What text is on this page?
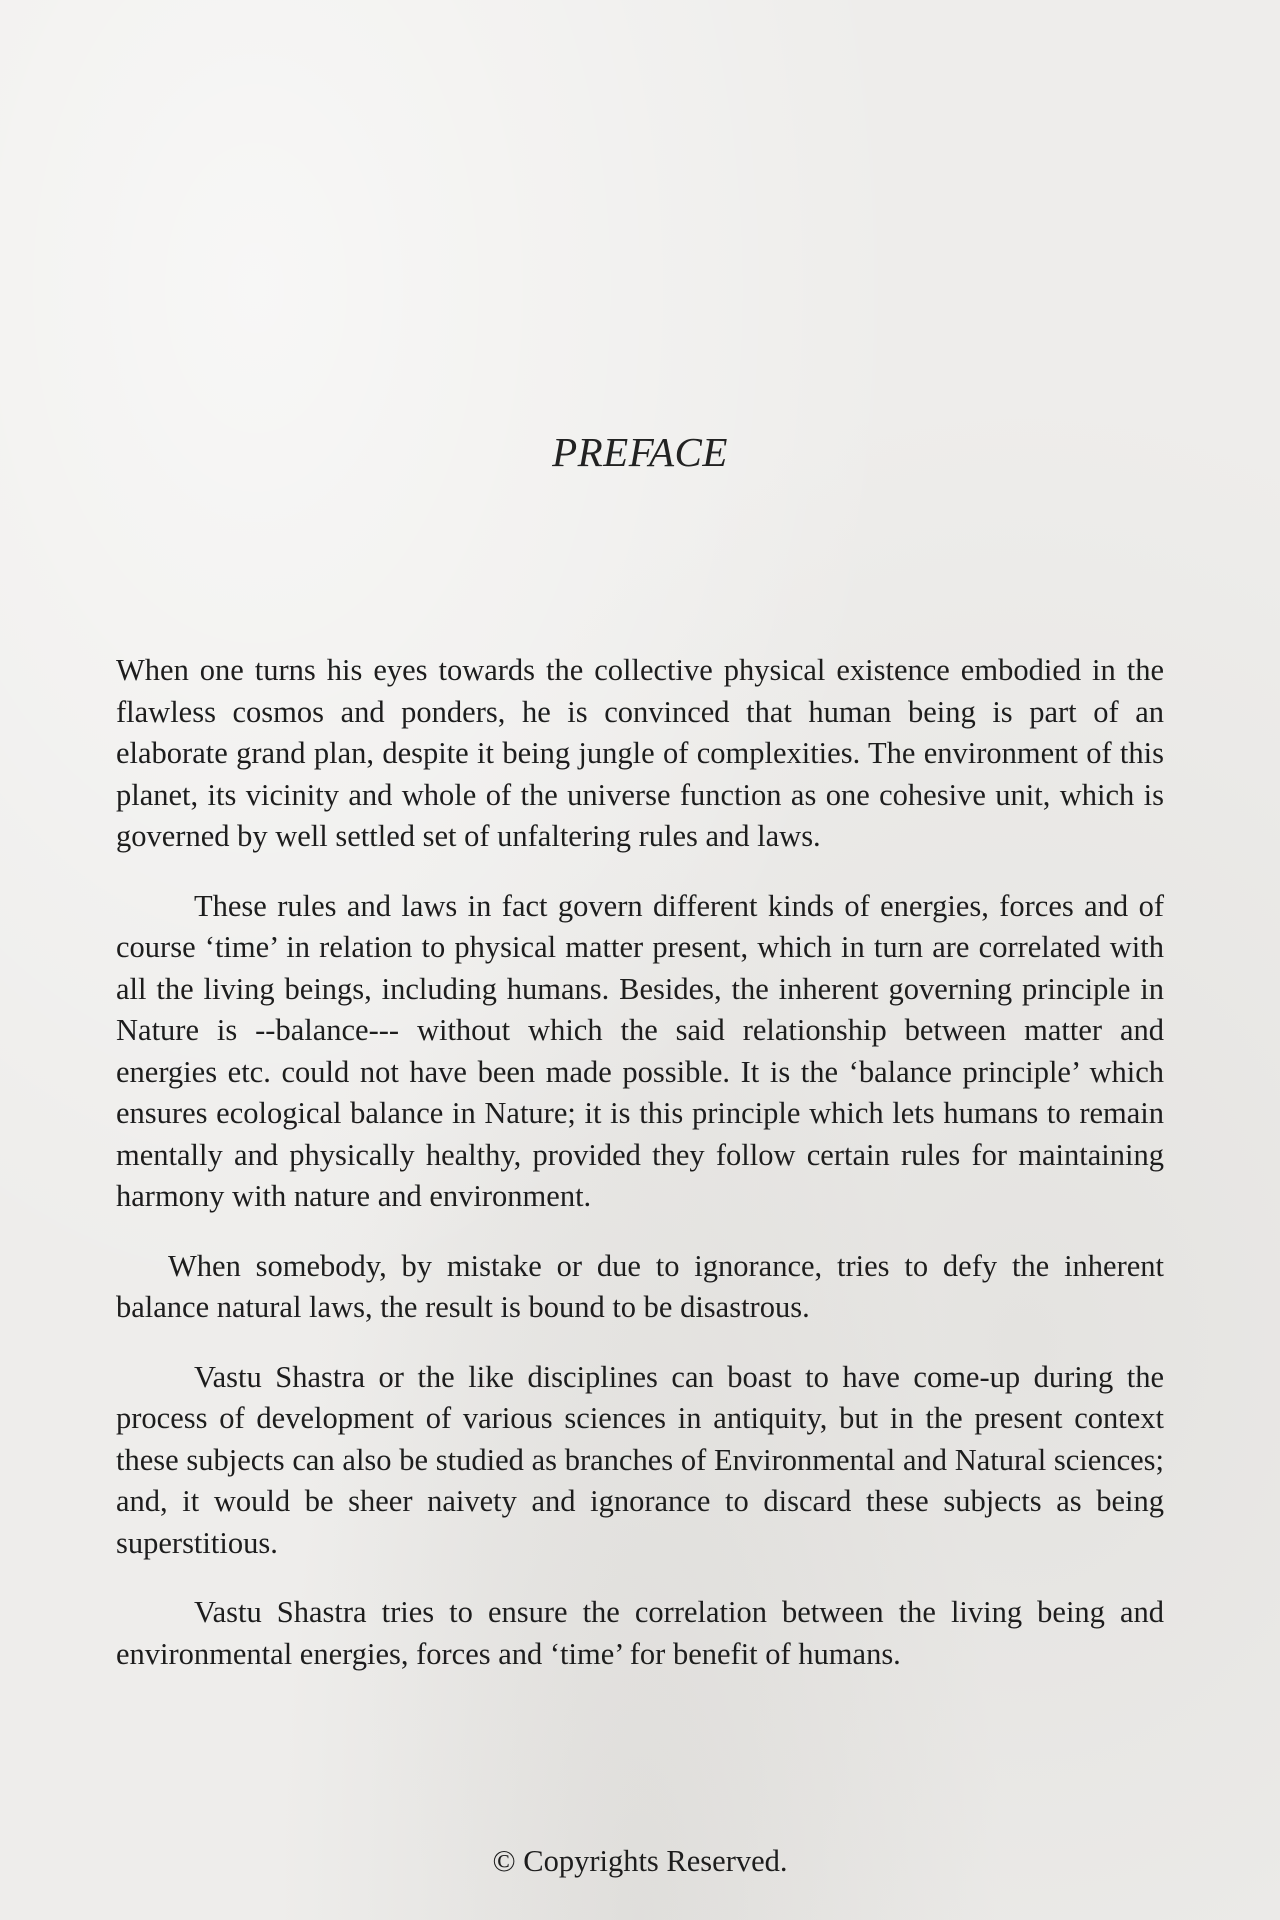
PREFACE

When one turns his eyes towards the collective physical existence embodied in the flawless cosmos and ponders, he is convinced that human being is part of an elaborate grand plan, despite it being jungle of complexities. The environment of this planet, its vicinity and whole of the universe function as one cohesive unit, which is governed by well settled set of unfaltering rules and laws.

These rules and laws in fact govern different kinds of energies, forces and of course ‘time’ in relation to physical matter present, which in turn are correlated with all the living beings, including humans. Besides, the inherent governing principle in Nature is --balance--- without which the said relationship between matter and energies etc. could not have been made possible. It is the ‘balance principle’ which ensures ecological balance in Nature; it is this principle which lets humans to remain mentally and physically healthy, provided they follow certain rules for maintaining harmony with nature and environment.

When somebody, by mistake or due to ignorance, tries to defy the inherent balance natural laws, the result is bound to be disastrous.

Vastu Shastra or the like disciplines can boast to have come-up during the process of development of various sciences in antiquity, but in the present context these subjects can also be studied as branches of Environmental and Natural sciences; and, it would be sheer naivety and ignorance to discard these subjects as being superstitious.

Vastu Shastra tries to ensure the correlation between the living being and environmental energies, forces and ‘time’ for benefit of humans.

© Copyrights Reserved.
